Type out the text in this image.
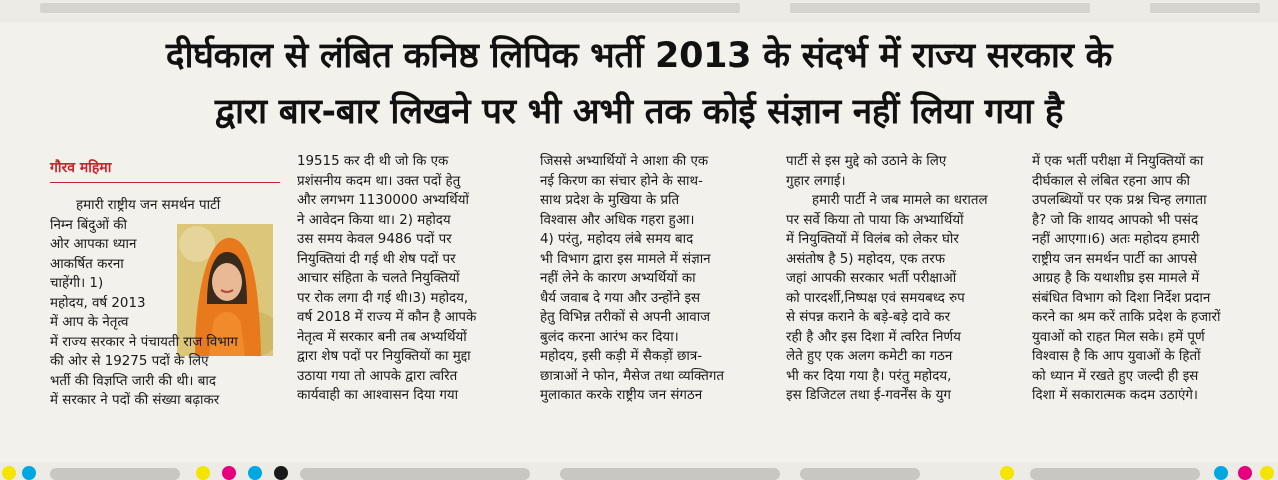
दीर्घकाल से लंबित कनिष्ठ लिपिक भर्ती 2013 के संदर्भ में राज्य सरकार के
द्वारा बार-बार लिखने पर भी अभी तक कोई संज्ञान नहीं लिया गया है
गौरव महिमा
हमारी राष्ट्रीय जन समर्थन पार्टी
निम्न बिंदुओं की
ओर आपका ध्यान
आकर्षित करना
चाहेंगी। 1)
महोदय, वर्ष 2013
में आप के नेतृत्व
में राज्य सरकार ने पंचायती राज विभाग
की ओर से 19275 पदों के लिए
भर्ती की विज्ञप्ति जारी की थी। बाद
में सरकार ने पदों की संख्या बढ़ाकर
19515 कर दी थी जो कि एक
प्रशंसनीय कदम था। उक्त पदों हेतु
और लगभग 1130000 अभ्यर्थियों
ने आवेदन किया था। 2) महोदय
उस समय केवल 9486 पदों पर
नियुक्तियां दी गई थी शेष पदों पर
आचार संहिता के चलते नियुक्तियों
पर रोक लगा दी गई थी।3) महोदय,
वर्ष 2018 में राज्य में कौन है आपके
नेतृत्व में सरकार बनी तब अभ्यर्थियों
द्वारा शेष पदों पर नियुक्तियों का मुद्दा
उठाया गया तो आपके द्वारा त्वरित
कार्यवाही का आश्वासन दिया गया
जिससे अभ्यार्थियों ने आशा की एक
नई किरण का संचार होने के साथ-
साथ प्रदेश के मुखिया के प्रति
विश्वास और अधिक गहरा हुआ।
4) परंतु, महोदय लंबे समय बाद
भी विभाग द्वारा इस मामले में संज्ञान
नहीं लेने के कारण अभ्यर्थियों का
धैर्य जवाब दे गया और उन्होंने इस
हेतु विभिन्न तरीकों से अपनी आवाज
बुलंद करना आरंभ कर दिया।
महोदय, इसी कड़ी में सैकड़ों छात्र-
छात्राओं ने फोन, मैसेज तथा व्यक्तिगत
मुलाकात करके राष्ट्रीय जन संगठन
पार्टी से इस मुद्दे को उठाने के लिए
गुहार लगाई।
हमारी पार्टी ने जब मामले का धरातल
पर सर्वे किया तो पाया कि अभ्यार्थियों
में नियुक्तियों में विलंब को लेकर घोर
असंतोष है 5) महोदय, एक तरफ
जहां आपकी सरकार भर्ती परीक्षाओं
को पारदर्शी,निष्पक्ष एवं समयबध्द रुप
से संपन्न कराने के बड़े-बड़े दावे कर
रही है और इस दिशा में त्वरित निर्णय
लेते हुए एक अलग कमेटी का गठन
भी कर दिया गया है। परंतु महोदय,
इस डिजिटल तथा ई-गवर्नेंस के युग
में एक भर्ती परीक्षा में नियुक्तियों का
दीर्घकाल से लंबित रहना आप की
उपलब्धियों पर एक प्रश्न चिन्ह लगाता
है? जो कि शायद आपको भी पसंद
नहीं आएगा।6) अतः महोदय हमारी
राष्ट्रीय जन समर्थन पार्टी का आपसे
आग्रह है कि यथाशीघ्र इस मामले में
संबंधित विभाग को दिशा निर्देश प्रदान
करने का श्रम करें ताकि प्रदेश के हजारों
युवाओं को राहत मिल सके। हमें पूर्ण
विश्वास है कि आप युवाओं के हितों
को ध्यान में रखते हुए जल्दी ही इस
दिशा में सकारात्मक कदम उठाएंगे।
